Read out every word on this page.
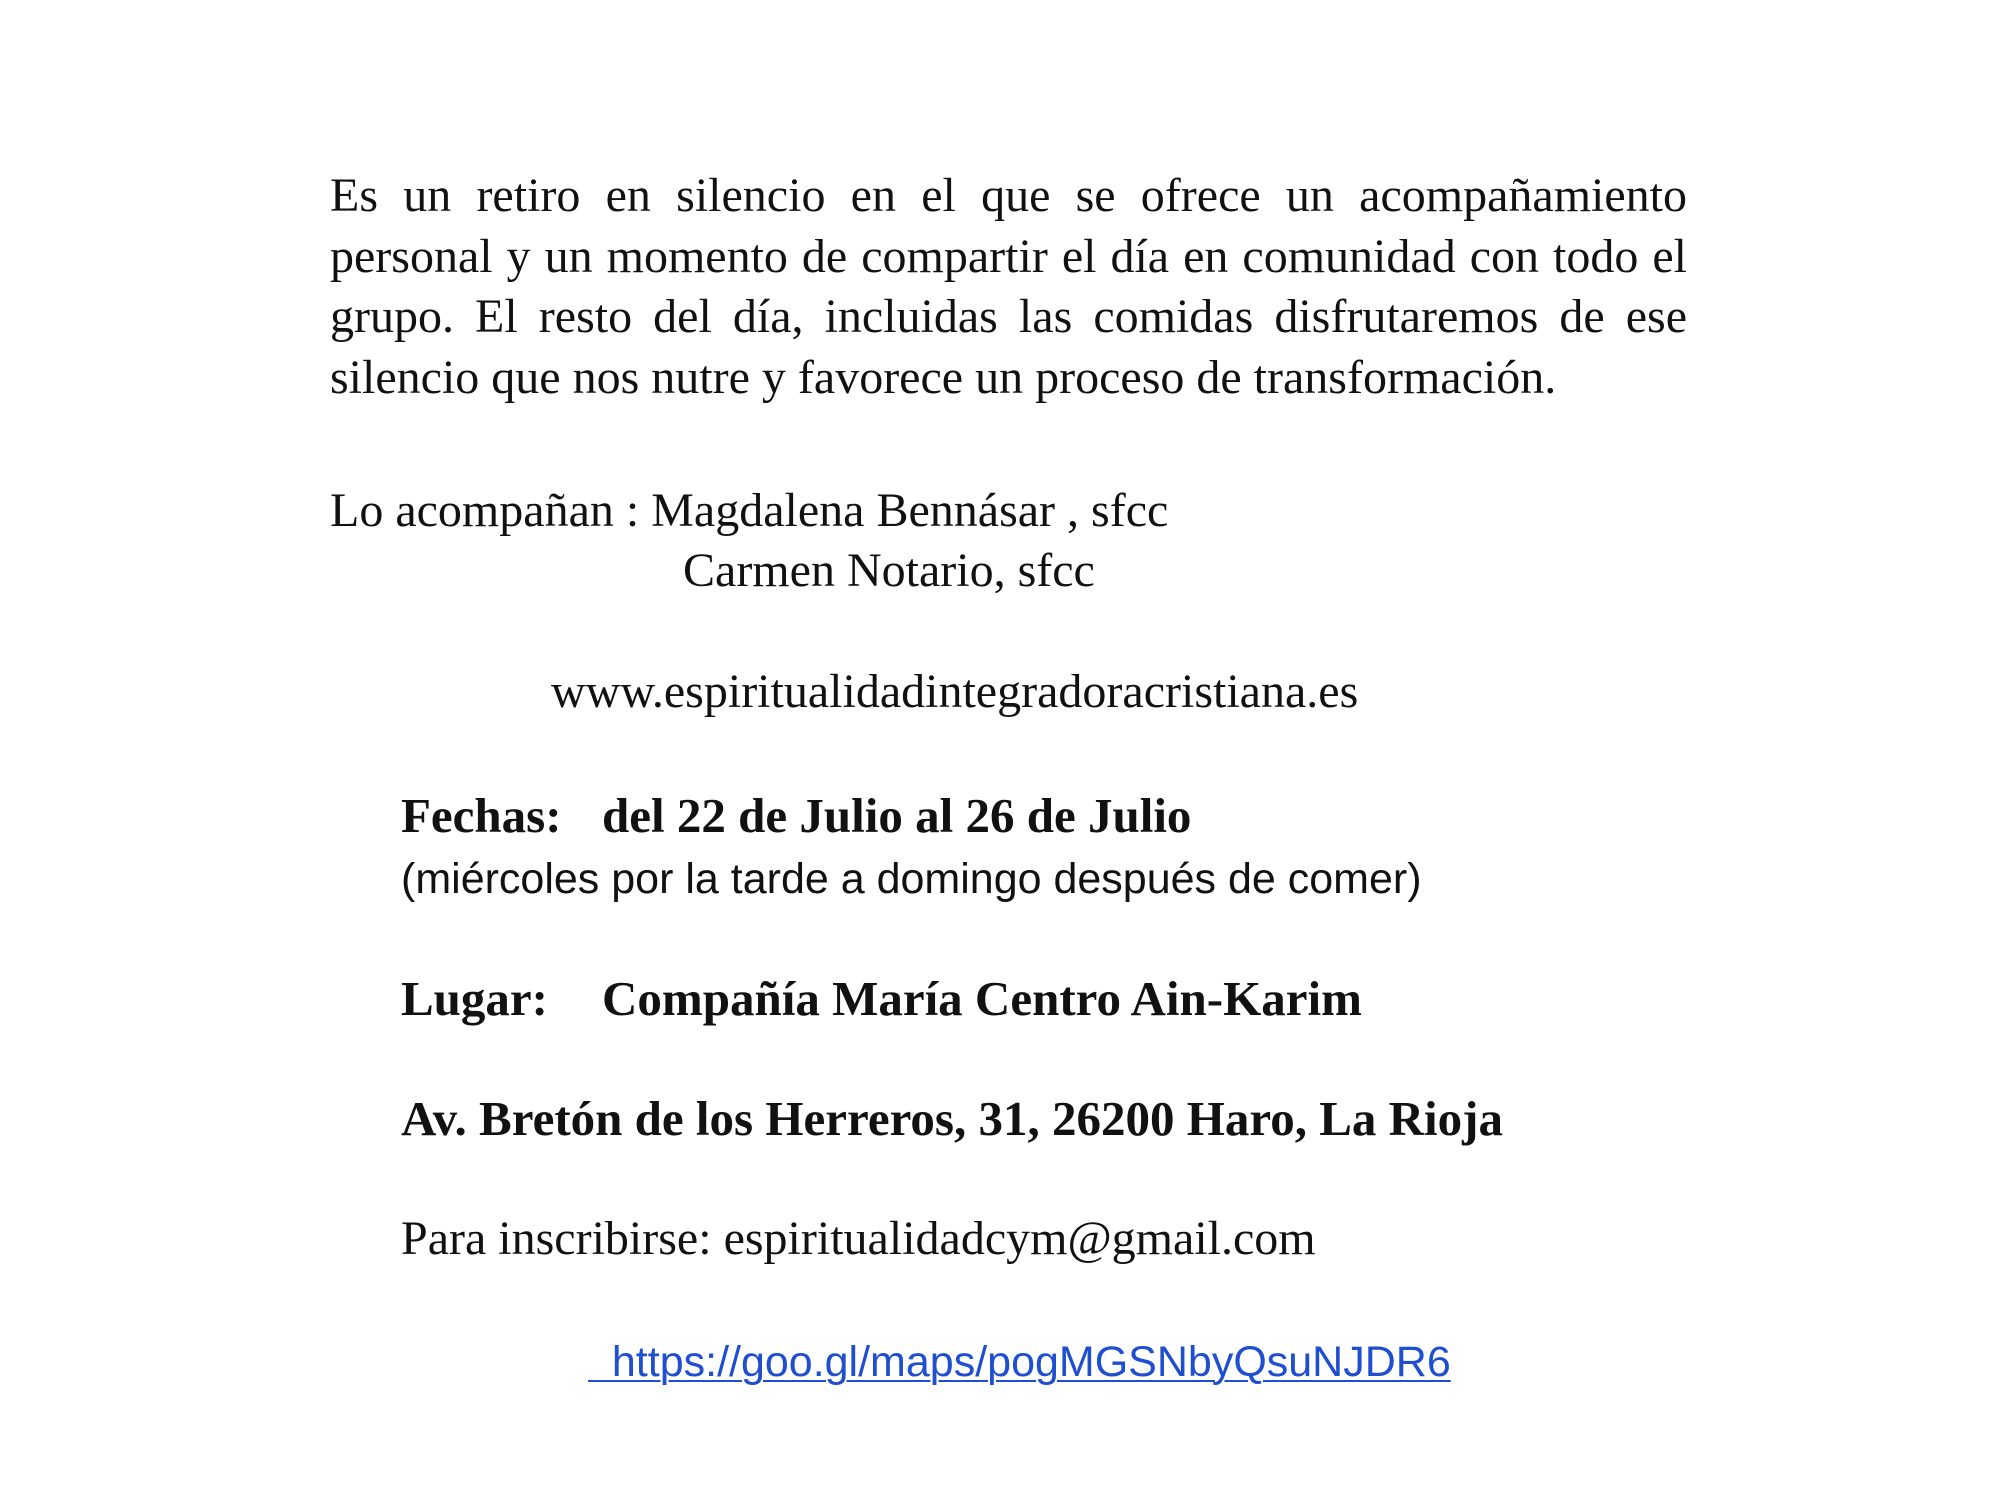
Es un retiro en silencio en el que se ofrece un acompañamiento personal y un momento de compartir el día en comunidad con todo el grupo. El resto del día, incluidas las comidas disfrutaremos de ese silencio que nos nutre y favorece un proceso de transformación.

Lo acompañan : Magdalena Bennásar , sfcc
Carmen Notario, sfcc
www.espiritualidadintegradoracristiana.es
Fechas: del 22 de Julio al 26 de Julio
(miércoles por la tarde a domingo después de comer)
Lugar: Compañía María Centro Ain-Karim
Av. Bretón de los Herreros, 31, 26200 Haro, La Rioja
Para inscribirse: espiritualidadcym@gmail.com
https://goo.gl/maps/pogMGSNbyQsuNJDR6
